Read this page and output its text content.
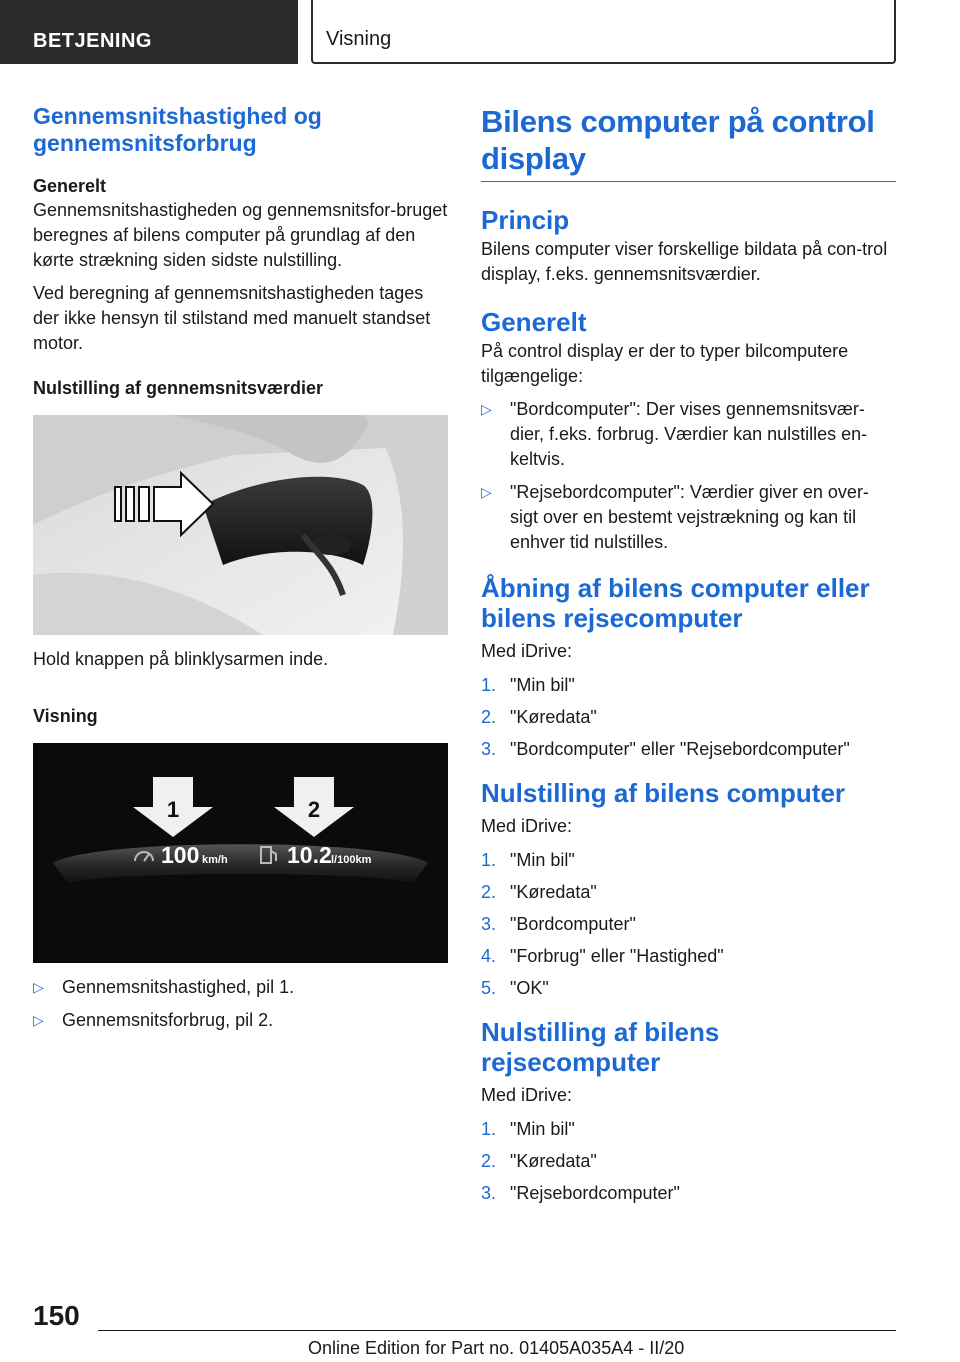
BETJENING	Visning
Gennemsnitshastighed og gennemsnitsforbrug
Generelt

Gennemsnitshastigheden og gennemsnitsfor-bruget beregnes af bilens computer på grundlag af den kørte strækning siden sidste nulstilling.

Ved beregning af gennemsnitshastigheden tages der ikke hensyn til stilstand med manuelt standset motor.

Nulstilling af gennemsnitsværdier

Hold knappen på blinklysarmen inde.

Visning
1	2
100 km/h	10.2 l/100km
▷ Gennemsnitshastighed, pil 1.
▷ Gennemsnitsforbrug, pil 2.
Bilens computer på control display
Princip

Bilens computer viser forskellige bildata på con-trol display, f.eks. gennemsnitsværdier.

Generelt

På control display er der to typer bilcomputere tilgængelige:

▷ "Bordcomputer": Der vises gennemsnitsvær-dier, f.eks. forbrug. Værdier kan nulstilles en-keltvis.
▷ "Rejsebordcomputer": Værdier giver en over-sigt over en bestemt vejstrækning og kan til enhver tid nulstilles.
Åbning af bilens computer eller bilens rejsecomputer

Med iDrive:

1. "Min bil"
2. "Køredata"
3. "Bordcomputer" eller "Rejsebordcomputer"
Nulstilling af bilens computer

Med iDrive:

1. "Min bil"
2. "Køredata"
3. "Bordcomputer"
4. "Forbrug" eller "Hastighed"
5. "OK"
Nulstilling af bilens rejsecomputer

Med iDrive:

1. "Min bil"
2. "Køredata"
3. "Rejsebordcomputer"
150
Online Edition for Part no. 01405A035A4 - II/20
